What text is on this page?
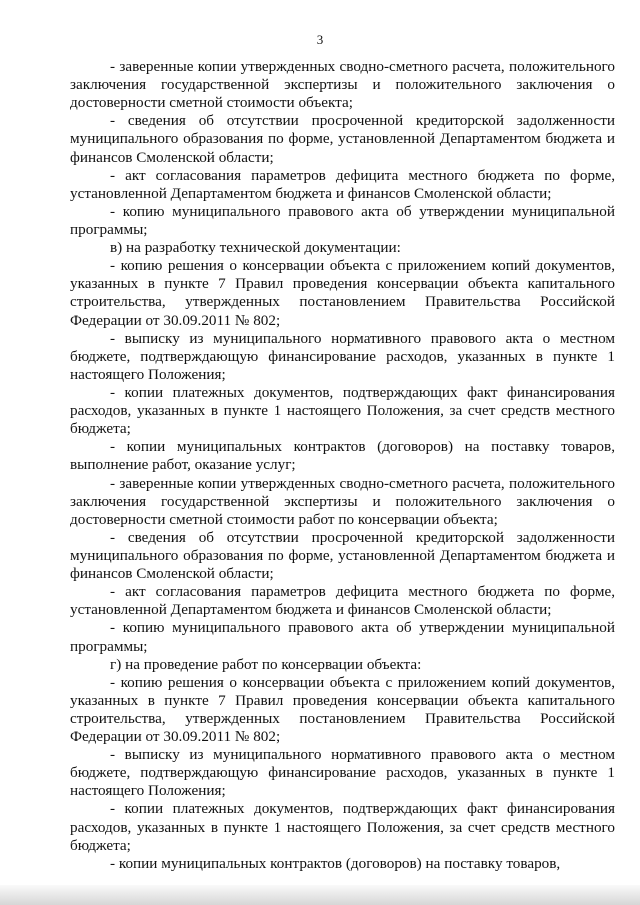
3

- заверенные копии утвержденных сводно-сметного расчета, положительного заключения государственной экспертизы и положительного заключения о достоверности сметной стоимости объекта;

- сведения об отсутствии просроченной кредиторской задолженности муниципального образования по форме, установленной Департаментом бюджета и финансов Смоленской области;

- акт согласования параметров дефицита местного бюджета по форме, установленной Департаментом бюджета и финансов Смоленской области;

- копию муниципального правового акта об утверждении муниципальной программы;

в) на разработку технической документации:

- копию решения о консервации объекта с приложением копий документов, указанных в пункте 7 Правил проведения консервации объекта капитального строительства, утвержденных постановлением Правительства Российской Федерации от 30.09.2011 № 802;

- выписку из муниципального нормативного правового акта о местном бюджете, подтверждающую финансирование расходов, указанных в пункте 1 настоящего Положения;

- копии платежных документов, подтверждающих факт финансирования расходов, указанных в пункте 1 настоящего Положения, за счет средств местного бюджета;

- копии муниципальных контрактов (договоров) на поставку товаров, выполнение работ, оказание услуг;

- заверенные копии утвержденных сводно-сметного расчета, положительного заключения государственной экспертизы и положительного заключения о достоверности сметной стоимости работ по консервации объекта;

- сведения об отсутствии просроченной кредиторской задолженности муниципального образования по форме, установленной Департаментом бюджета и финансов Смоленской области;

- акт согласования параметров дефицита местного бюджета по форме, установленной Департаментом бюджета и финансов Смоленской области;

- копию муниципального правового акта об утверждении муниципальной программы;

г) на проведение работ по консервации объекта:

- копию решения о консервации объекта с приложением копий документов, указанных в пункте 7 Правил проведения консервации объекта капитального строительства, утвержденных постановлением Правительства Российской Федерации от 30.09.2011 № 802;

- выписку из муниципального нормативного правового акта о местном бюджете, подтверждающую финансирование расходов, указанных в пункте 1 настоящего Положения;

- копии платежных документов, подтверждающих факт финансирования расходов, указанных в пункте 1 настоящего Положения, за счет средств местного бюджета;

- копии муниципальных контрактов (договоров) на поставку товаров,
